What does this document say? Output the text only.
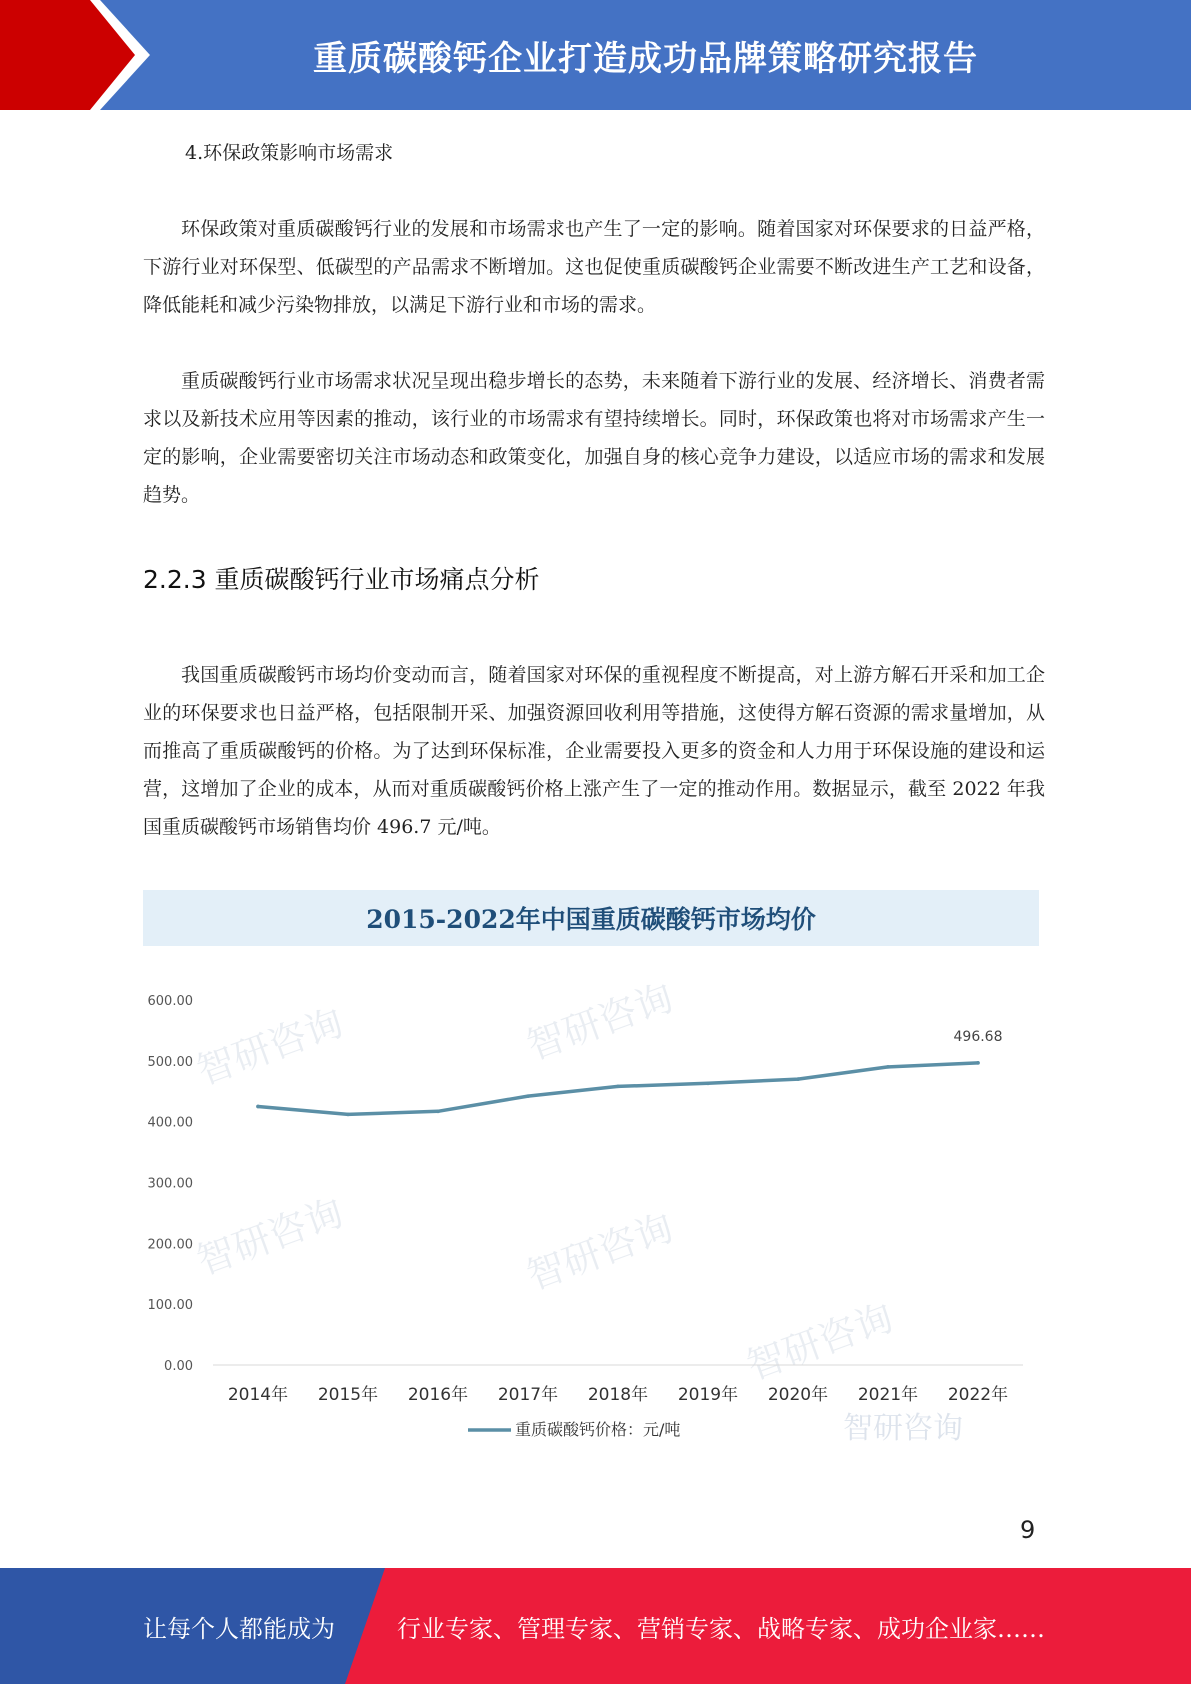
重质碳酸钙企业打造成功品牌策略研究报告

4.环保政策影响市场需求

环保政策对重质碳酸钙行业的发展和市场需求也产生了一定的影响。随着国家对环保要求的日益严格，下游行业对环保型、低碳型的产品需求不断增加。这也促使重质碳酸钙企业需要不断改进生产工艺和设备，降低能耗和减少污染物排放，以满足下游行业和市场的需求。

重质碳酸钙行业市场需求状况呈现出稳步增长的态势，未来随着下游行业的发展、经济增长、消费者需求以及新技术应用等因素的推动，该行业的市场需求有望持续增长。同时，环保政策也将对市场需求产生一定的影响，企业需要密切关注市场动态和政策变化，加强自身的核心竞争力建设，以适应市场的需求和发展趋势。

2.2.3 重质碳酸钙行业市场痛点分析

我国重质碳酸钙市场均价变动而言，随着国家对环保的重视程度不断提高，对上游方解石开采和加工企业的环保要求也日益严格，包括限制开采、加强资源回收利用等措施，这使得方解石资源的需求量增加，从而推高了重质碳酸钙的价格。为了达到环保标准，企业需要投入更多的资金和人力用于环保设施的建设和运营，这增加了企业的成本，从而对重质碳酸钙价格上涨产生了一定的推动作用。数据显示，截至 2022 年我国重质碳酸钙市场销售均价 496.7 元/吨。

2015-2022年中国重质碳酸钙市场均价
智研咨询	智研咨询
智研咨询	智研咨询
智研咨询
0.00
100.00
200.00
300.00
400.00
500.00
600.00
2014年 2015年 2016年 2017年 2018年 2019年 2020年 2021年 2022年
496.68
重质碳酸钙价格：元/吨	智研咨询
9
让每个人都能成为	行业专家、管理专家、营销专家、战略专家、成功企业家……
